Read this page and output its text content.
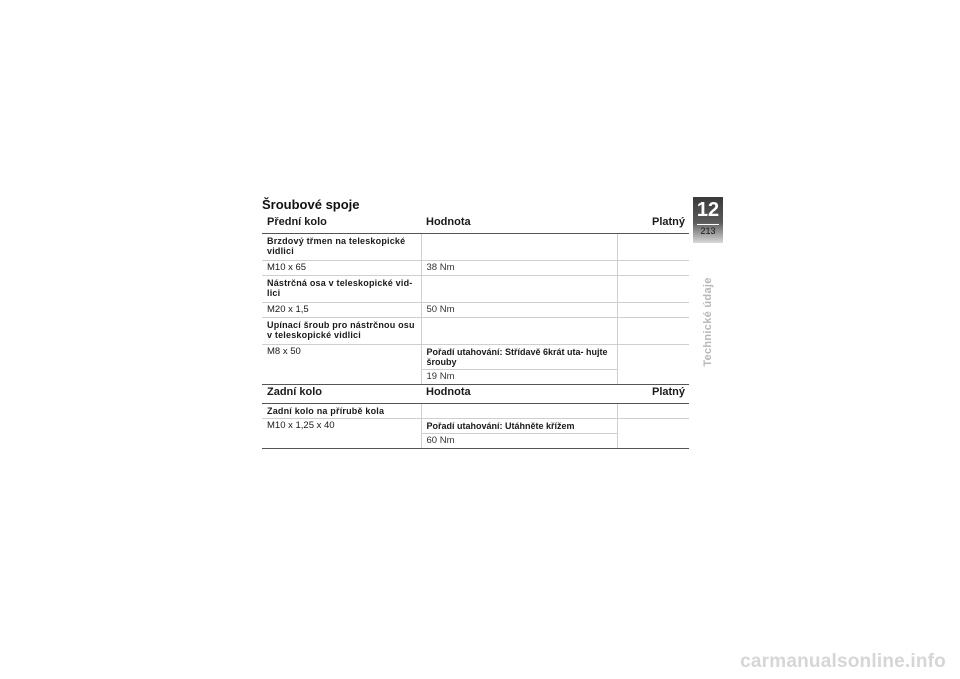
Šroubové spoje
Přední kolo	Hodnota	Platný
Brzdový třmen na teleskopické vidlici		
M10 x 65	38 Nm	
Nástrčná osa v teleskopické vid- lici		
M20 x 1,5	50 Nm	
Upínací šroub pro nástrčnou osu v teleskopické vidlici		
M8 x 50	Pořadí utahování: Střídavě 6krát uta- hujte šrouby	
	19 Nm	
Zadní kolo	Hodnota	Platný
Zadní kolo na přírubě kola		
M10 x 1,25 x 40	Pořadí utahování: Utáhněte křížem	
	60 Nm	
12
213
Technické údaje
carmanualsonline.info
